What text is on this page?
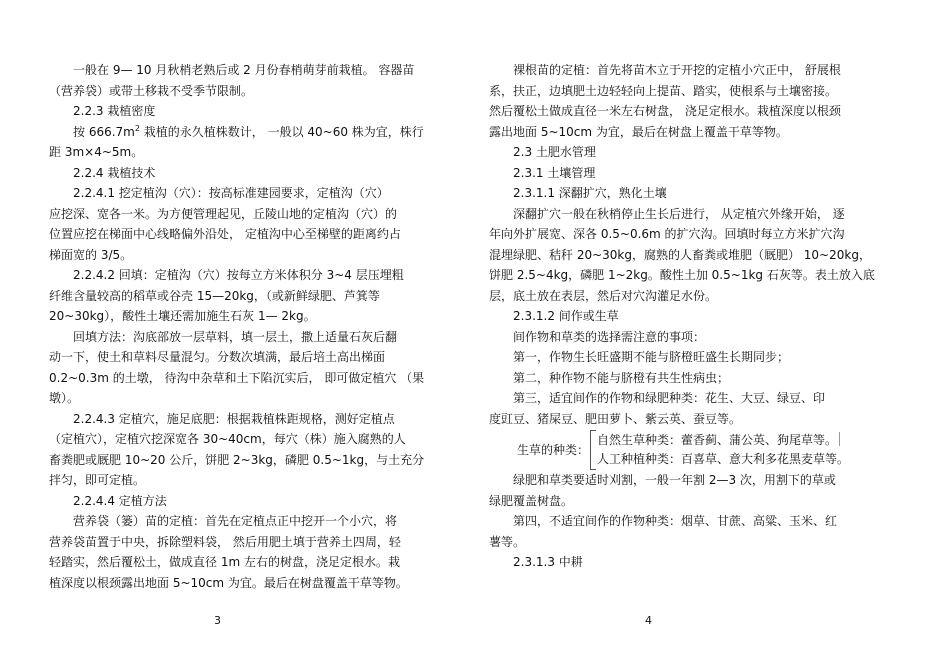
一般在 9— 10 月秋梢老熟后或 2 月份春梢萌芽前栽植。 容器苗

（营养袋）或带土移栽不受季节限制。

2.2.3 栽植密度

按 $666.7m^2$ 栽植的永久植株数计， 一般以 40~60 株为宜，株行

距 3m×4~5m。

2.2.4 栽植技术

2.2.4.1 挖定植沟（穴）：按高标准建园要求，定植沟（穴）

应挖深、宽各一米。为方便管理起见，丘陵山地的定植沟（穴）的

位置应挖在梯面中心线略偏外沿处， 定植沟中心至梯壁的距离约占

梯面宽的 3/5。

2.2.4.2 回填：定植沟（穴）按每立方米体积分 3~4 层压埋粗

纤维含量较高的稻草或谷壳 15—20kg，（或新鲜绿肥、芦箕等

20~30kg），酸性土壤还需加施生石灰 1— 2kg。

回填方法：沟底部放一层草料，填一层土，撒上适量石灰后翻

动一下，使土和草料尽量混匀。分数次填满，最后培土高出梯面

0.2~0.3m 的土墩， 待沟中杂草和土下陷沉实后， 即可做定植穴 （果

墩）。

2.2.4.3 定植穴，施足底肥：根据栽植株距规格，测好定植点

（定植穴），定植穴挖深宽各 30~40cm，每穴（株）施入腐熟的人

畜粪肥或厩肥 10~20 公斤，饼肥 2~3kg，磷肥 0.5~1kg，与土充分

拌匀，即可定植。

2.2.4.4 定植方法

营养袋（篓）苗的定植：首先在定植点正中挖开一个小穴，将

营养袋苗置于中央，拆除塑料袋， 然后用肥土填于营养土四周，轻

轻踏实，然后覆松土，做成直径 1m 左右的树盘，浇足定根水。栽

植深度以根颈露出地面 5~10cm 为宜。最后在树盘覆盖干草等物。

裸根苗的定植：首先将苗木立于开挖的定植小穴正中， 舒展根

系，扶正，边填肥土边轻轻向上提苗、踏实，使根系与土壤密接。

然后覆松土做成直径一米左右树盘， 浇足定根水。栽植深度以根颈

露出地面 5~10cm 为宜，最后在树盘上覆盖干草等物。

2.3 土肥水管理

2.3.1 土壤管理

2.3.1.1 深翻扩穴，熟化土壤

深翻扩穴一般在秋梢停止生长后进行， 从定植穴外缘开始， 逐

年向外扩展宽、深各 0.5~0.6m 的扩穴沟。回填时每立方米扩穴沟

混埋绿肥、秸秆 20~30kg，腐熟的人畜粪或堆肥（厩肥） 10~20kg，

饼肥 2.5~4kg，磷肥 1~2kg。酸性土加 0.5~1kg 石灰等。表土放入底

层，底土放在表层，然后对穴沟灌足水份。

2.3.1.2 间作或生草

间作物和草类的选择需注意的事项：

第一，作物生长旺盛期不能与脐橙旺盛生长期同步；

第二，种作物不能与脐橙有共生性病虫；

第三，适宜间作的作物和绿肥种类：花生、大豆、绿豆、印

度豇豆、猪屎豆、肥田萝卜、紫云英、蚕豆等。

生草的种类：
自然生草种类：藿香蓟、蒲公英、狗尾草等。
人工种植种类：百喜草、意大利多花黑麦草等。

绿肥和草类要适时刈割，一般一年割 2—3 次，用割下的草或

绿肥覆盖树盘。

第四，不适宜间作的作物种类：烟草、甘蔗、高粱、玉米、红

薯等。

2.3.1.3 中耕

3	4
